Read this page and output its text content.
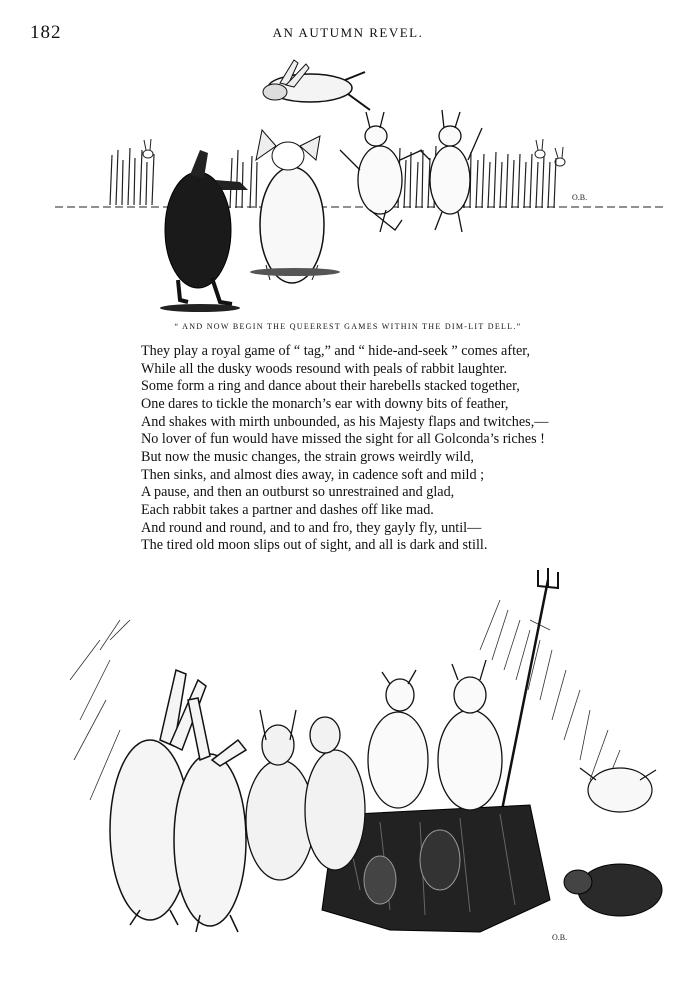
182	AN AUTUMN REVEL.
O.B.
“ AND NOW BEGIN THE QUEEREST GAMES WITHIN THE DIM-LIT DELL.”
They play a royal game of “ tag,” and “ hide-and-seek ” comes after,
While all the dusky woods resound with peals of rabbit laughter.
Some form a ring and dance about their harebells stacked together,
One dares to tickle the monarch’s ear with downy bits of feather,
And shakes with mirth unbounded, as his Majesty flaps and twitches,—
No lover of fun would have missed the sight for all Golconda’s riches !
But now the music changes, the strain grows weirdly wild,
Then sinks, and almost dies away, in cadence soft and mild ;
A pause, and then an outburst so unrestrained and glad,
Each rabbit takes a partner and dashes off like mad.
And round and round, and to and fro, they gayly fly, until—
The tired old moon slips out of sight, and all is dark and still.
O.B.
